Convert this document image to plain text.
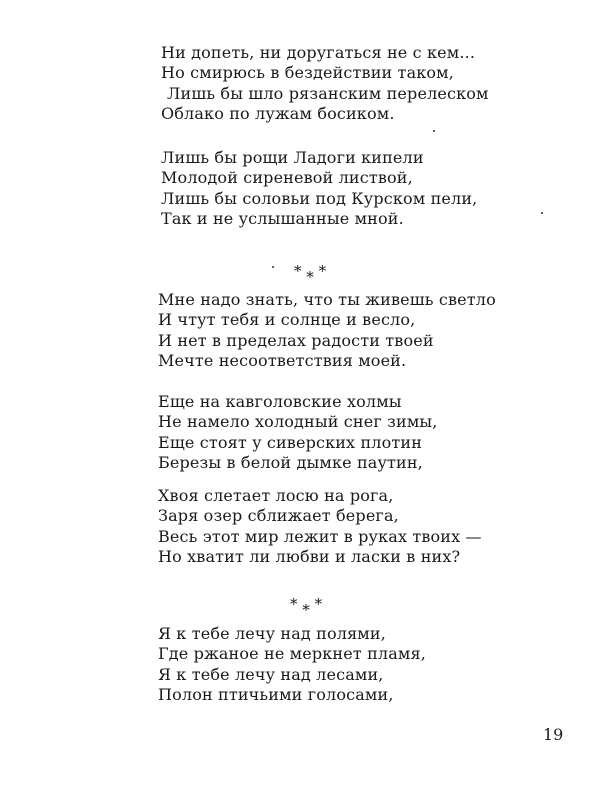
Ни допеть, ни доругаться не с кем...
Но смирюсь в бездействии таком,
Лишь бы шло рязанским перелеском
Облако по лужам босиком.
Лишь бы рощи Ладоги кипели
Молодой сиреневой листвой,
Лишь бы соловьи под Курском пели,
Так и не услышанные мной.
* * *
Мне надо знать, что ты живешь светло
И чтут тебя и солнце и весло,
И нет в пределах радости твоей
Мечте несоответствия моей.
Еще на кавголовские холмы
Не намело холодный снег зимы,
Еще стоят у сиверских плотин
Березы в белой дымке паутин,
Хвоя слетает лосю на рога,
Заря озер сближает берега,
Весь этот мир лежит в руках твоих —
Но хватит ли любви и ласки в них?
* * *
Я к тебе лечу над полями,
Где ржаное не меркнет пламя,
Я к тебе лечу над лесами,
Полон птичьими голосами,
19
